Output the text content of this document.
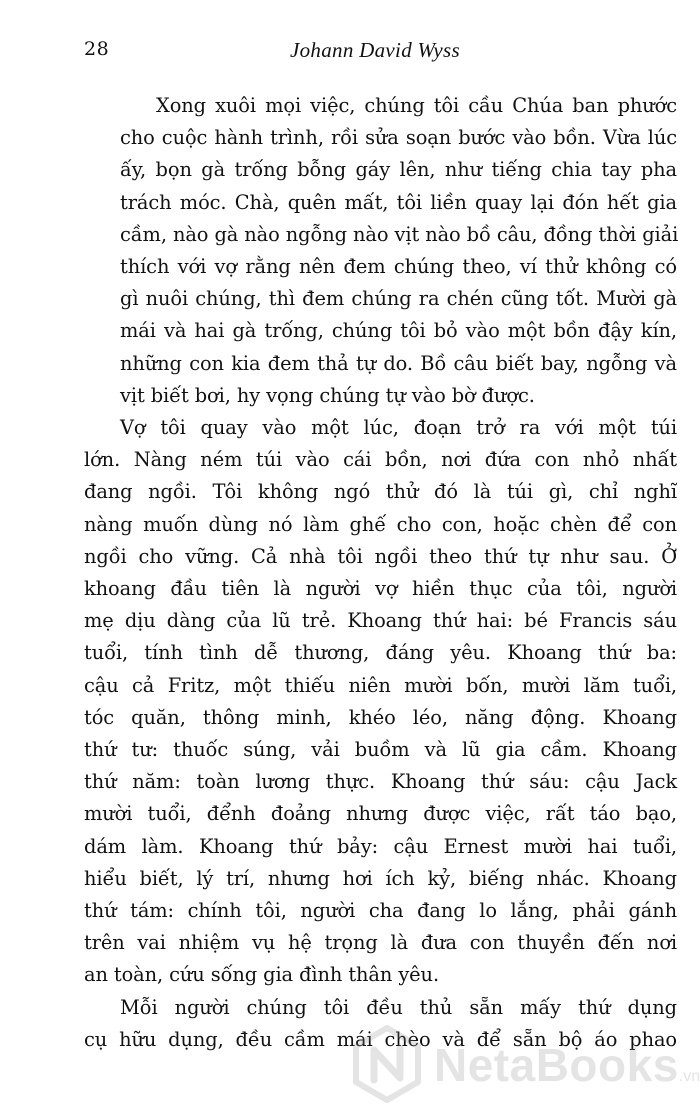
28	Johann David Wyss

Xong xuôi mọi việc, chúng tôi cầu Chúa ban phước
cho cuộc hành trình, rồi sửa soạn bước vào bồn. Vừa lúc
ấy, bọn gà trống bỗng gáy lên, như tiếng chia tay pha
trách móc. Chà, quên mất, tôi liền quay lại đón hết gia
cầm, nào gà nào ngỗng nào vịt nào bồ câu, đồng thời giải
thích với vợ rằng nên đem chúng theo, ví thử không có
gì nuôi chúng, thì đem chúng ra chén cũng tốt. Mười gà
mái và hai gà trống, chúng tôi bỏ vào một bồn đậy kín,
những con kia đem thả tự do. Bồ câu biết bay, ngỗng và
vịt biết bơi, hy vọng chúng tự vào bờ được.

Vợ tôi quay vào một lúc, đoạn trở ra với một túi
lớn. Nàng ném túi vào cái bồn, nơi đứa con nhỏ nhất
đang ngồi. Tôi không ngó thử đó là túi gì, chỉ nghĩ
nàng muốn dùng nó làm ghế cho con, hoặc chèn để con
ngồi cho vững. Cả nhà tôi ngồi theo thứ tự như sau. Ở
khoang đầu tiên là người vợ hiền thục của tôi, người
mẹ dịu dàng của lũ trẻ. Khoang thứ hai: bé Francis sáu
tuổi, tính tình dễ thương, đáng yêu. Khoang thứ ba:
cậu cả Fritz, một thiếu niên mười bốn, mười lăm tuổi,
tóc quăn, thông minh, khéo léo, năng động. Khoang
thứ tư: thuốc súng, vải buồm và lũ gia cầm. Khoang
thứ năm: toàn lương thực. Khoang thứ sáu: cậu Jack
mười tuổi, đểnh đoảng nhưng được việc, rất táo bạo,
dám làm. Khoang thứ bảy: cậu Ernest mười hai tuổi,
hiểu biết, lý trí, nhưng hơi ích kỷ, biếng nhác. Khoang
thứ tám: chính tôi, người cha đang lo lắng, phải gánh
trên vai nhiệm vụ hệ trọng là đưa con thuyền đến nơi
an toàn, cứu sống gia đình thân yêu.

Mỗi người chúng tôi đều thủ sẵn mấy thứ dụng
cụ hữu dụng, đều cầm mái chèo và để sẵn bộ áo phao

NetaBooks.vn
